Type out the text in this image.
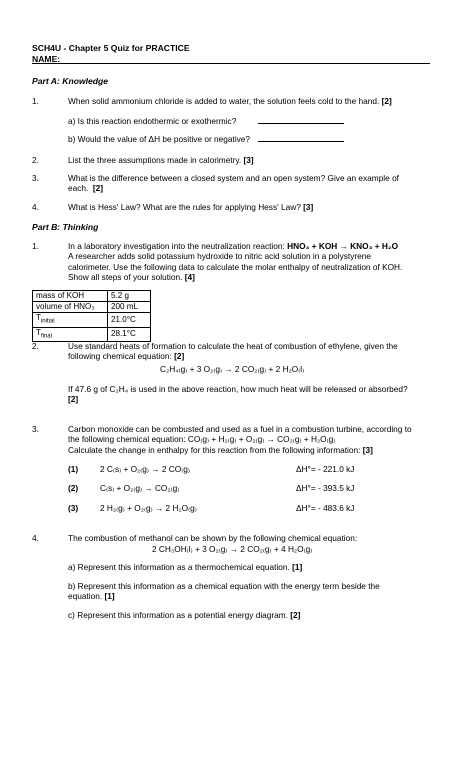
SCH4U - Chapter 5 Quiz for PRACTICE
NAME:
Part A: Knowledge
1.	When solid ammonium chloride is added to water, the solution feels cold to the hand. [2]
a) Is this reaction endothermic or exothermic?
b) Would the value of ΔH be positive or negative?
2.	List the three assumptions made in calorimetry. [3]
3.	What is the difference between a closed system and an open system? Give an example of
each. [2]
4.	What is Hess' Law? What are the rules for applying Hess' Law? [3]
Part B: Thinking
1.	In a laboratory investigation into the neutralization reaction: HNO₃ + KOH → KNO₃ + H₂O
A researcher adds solid potassium hydroxide to nitric acid solution in a polystyrene
calorimeter. Use the following data to calculate the molar enthalpy of neutralization of KOH.
Show all steps of your solution. [4]
mass of KOH	5.2 g
volume of HNO₃	200 mL
$T_{initial}$	21.0°C
$T_{final}$	28.1°C
2.	Use standard heats of formation to calculate the heat of combustion of ethylene, given the
following chemical equation: [2]
C₂H₄₍g₎ + 3 O₂₍g₎ → 2 CO₂₍g₎ + 2 H₂O₍l₎
If 47.6 g of C₂H₄ is used in the above reaction, how much heat will be released or absorbed?
[2]
3.	Carbon monoxide can be combusted and used as a fuel in a combustion turbine, according to
the following chemical equation: CO₍g₎ + H₂₍g₎ + O₂₍g₎ → CO₂₍g₎ + H₂O₍g₎
Calculate the change in enthalpy for this reaction from the following information: [3]
(1)	2 C₍s₎ + O₂₍g₎ → 2 CO₍g₎	ΔH°= - 221.0 kJ
(2)	C₍s₎ + O₂₍g₎ → CO₂₍g₎	ΔH°= - 393.5 kJ
(3)	2 H₂₍g₎ + O₂₍g₎ → 2 H₂O₍g₎	ΔH°= - 483.6 kJ
4.	The combustion of methanol can be shown by the following chemical equation:
2 CH₃OH₍l₎ + 3 O₂₍g₎ → 2 CO₂₍g₎ + 4 H₂O₍g₎
a) Represent this information as a thermochemical equation. [1]
b) Represent this information as a chemical equation with the energy term beside the
equation. [1]
c) Represent this information as a potential energy diagram. [2]
